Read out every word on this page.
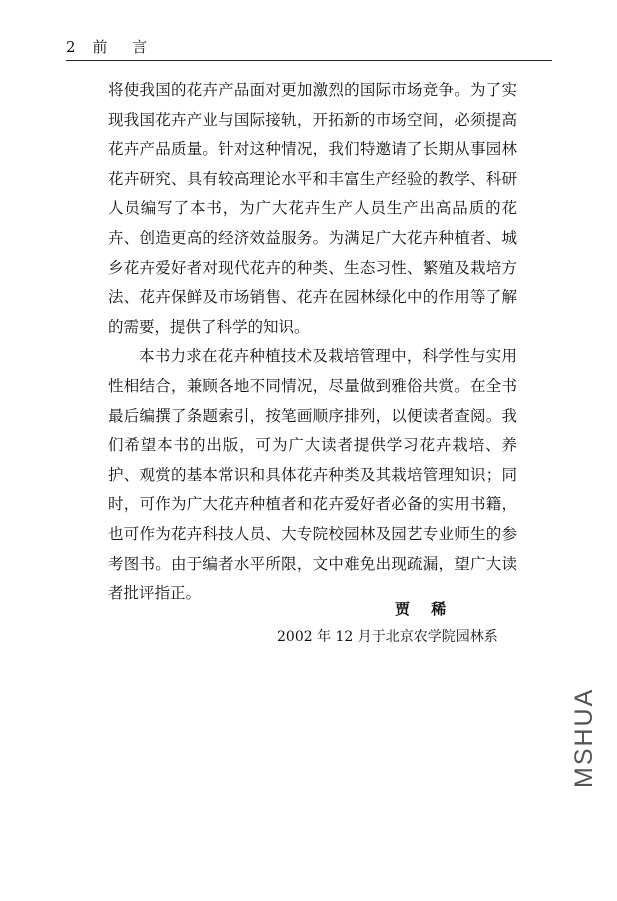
2 前 言

将使我国的花卉产品面对更加激烈的国际市场竞争。为了实现我国花卉产业与国际接轨，开拓新的市场空间，必须提高花卉产品质量。针对这种情况，我们特邀请了长期从事园林花卉研究、具有较高理论水平和丰富生产经验的教学、科研人员编写了本书，为广大花卉生产人员生产出高品质的花卉、创造更高的经济效益服务。为满足广大花卉种植者、城乡花卉爱好者对现代花卉的种类、生态习性、繁殖及栽培方法、花卉保鲜及市场销售、花卉在园林绿化中的作用等了解的需要，提供了科学的知识。

本书力求在花卉种植技术及栽培管理中，科学性与实用性相结合，兼顾各地不同情况，尽量做到雅俗共赏。在全书最后编撰了条题索引，按笔画顺序排列，以便读者查阅。我们希望本书的出版，可为广大读者提供学习花卉栽培、养护、观赏的基本常识和具体花卉种类及其栽培管理知识；同时，可作为广大花卉种植者和花卉爱好者必备的实用书籍，也可作为花卉科技人员、大专院校园林及园艺专业师生的参考图书。由于编者水平所限，文中难免出现疏漏，望广大读者批评指正。

贾 稀
2002 年 12 月于北京农学院园林系
MSHUA
